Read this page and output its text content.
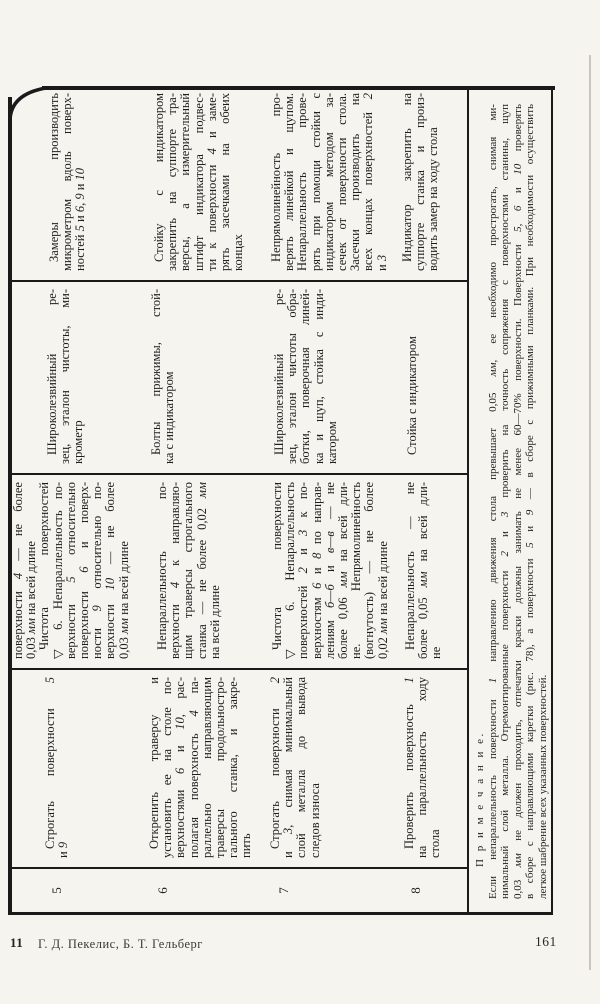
5
Строгать поверхности 5
и 9
поверхности 4 — не более
0,03 мм на всей длине Чистота поверхностей ▽ 6. Непараллельность по- верхности 5 относительно
поверхности 6 и поверх-
ности 9 относительно по-
верхности 10 — не более
0,03 мм на всей длине
Широколезвийный ре- зец, эталон чистоты, ми- крометр
Замеры производить микрометром вдоль поверх- ностей 5 и 6, 9 и 10
6
Открепить траверсу и установить ее на столе по- верхностями 6 и 10, рас-
полагая поверхность 4 па- раллельно направляющим траверсы продольностро- гального станка, и закре- пить
Непараллельность по- верхности 4 к направляю- щим траверсы строгального станка — не более 0,02 мм
на всей длине
Болты прижимы, стой- ка с индикатором
Стойку с индикатором закрепить на суппорте тра- версы, а измерительный штифт индикатора подвес- ти к поверхности 4 и заме- рять засечками на обеих концах
7
Строгать поверхности 2
и 3, снимая минимальный слой металла до вывода следов износа
Чистота поверхности ▽ 6. Непараллельность поверхностей 2 и 3 к по-
верхностям 6 и 8 по направ-
лениям б—б и в—в — не
более 0,06 мм на всей дли- не. Непрямолинейность (вогнутость) — не более 0,02 мм на всей длине
Широколезвийный ре- зец, эталон чистоты обра- ботки, поверочная линей- ка и щуп, стойка с инди- катором
Непрямолинейность про- верять линейкой и щупом. Непараллельность прове- рять при помощи стойки с индикатором методом за- сечек от поверхности стола. Засечки производить на всех концах поверхностей 2
и 3
8
Проверить поверхность 1 на параллельность ходу стола
Непараллельность — не более 0,05 мм на всей дли-
не
Стойка с индикатором
Индикатор закрепить на суппорте станка и произ- водить замер на ходу стола
П р и м е ч а н и е. Если непараллельность поверхности 1 направлению движения стола превышает 0,05 мм, ее необходимо прострогать, снимая ми-
нимальный слой металла. Отремонтированные поверхности 2 и 3 проверить на точность сопряжения с поверхностями станины, щуп
0,03 мм не должен проходить, отпечатки краски должны занимать не менее 60—70% поверхности. Поверхности 5, 6 и 10 проверять
в сборе с направляющими каретки (рис. 78), а поверхности 5 и 9 — в сборе с прижимными планками. При необходимости осуществить
легкое шабрение всех указанных поверхностей.
11 Г. Д. Пекелис, Б. Т. Гельберг	161
